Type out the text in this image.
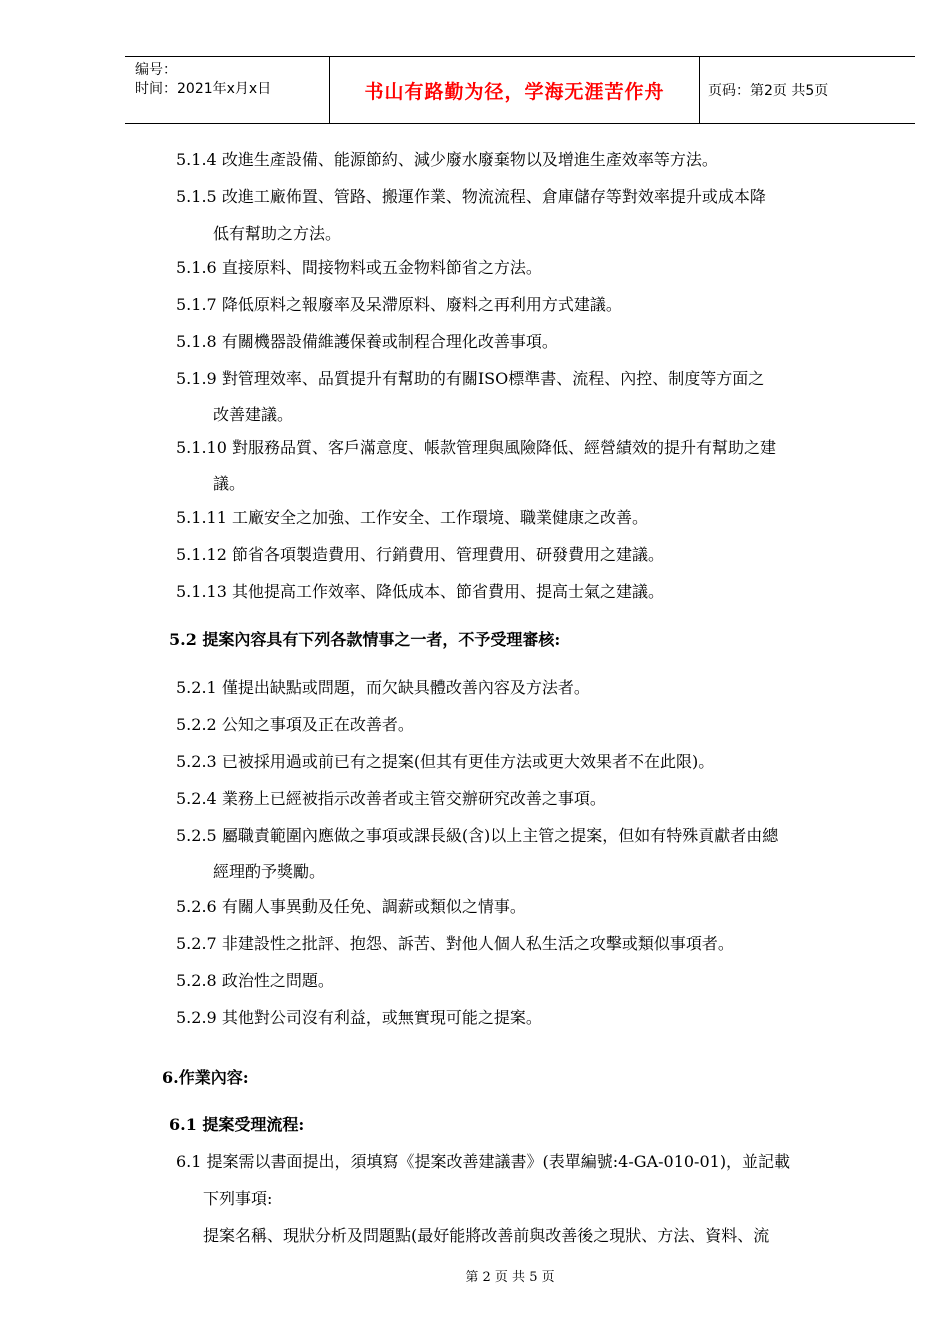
编号：
时间：2021年x月x日	书山有路勤为径，学海无涯苦作舟	页码：第2页 共5页
5.1.4 改進生產設備、能源節約、減少廢水廢棄物以及增進生產效率等方法。
5.1.5 改進工廠佈置、管路、搬運作業、物流流程、倉庫儲存等對效率提升或成本降
低有幫助之方法。
5.1.6 直接原料、間接物料或五金物料節省之方法。
5.1.7 降低原料之報廢率及呆滯原料、廢料之再利用方式建議。
5.1.8 有關機器設備維護保養或制程合理化改善事項。
5.1.9 對管理效率、品質提升有幫助的有關ISO標準書、流程、內控、制度等方面之
改善建議。
5.1.10 對服務品質、客戶滿意度、帳款管理與風險降低、經營績效的提升有幫助之建
議。
5.1.11 工廠安全之加強、工作安全、工作環境、職業健康之改善。
5.1.12 節省各項製造費用、行銷費用、管理費用、研發費用之建議。
5.1.13 其他提高工作效率、降低成本、節省費用、提高士氣之建議。
5.2 提案內容具有下列各款情事之一者，不予受理審核:
5.2.1 僅提出缺點或問題，而欠缺具體改善內容及方法者。
5.2.2 公知之事項及正在改善者。
5.2.3 已被採用過或前已有之提案(但其有更佳方法或更大效果者不在此限)。
5.2.4 業務上已經被指示改善者或主管交辦研究改善之事項。
5.2.5 屬職責範圍內應做之事項或課長級(含)以上主管之提案，但如有特殊貢獻者由總
經理酌予獎勵。
5.2.6 有關人事異動及任免、調薪或類似之情事。
5.2.7 非建設性之批評、抱怨、訴苦、對他人個人私生活之攻擊或類似事項者。
5.2.8 政治性之問題。
5.2.9 其他對公司沒有利益，或無實現可能之提案。
6.作業內容:
6.1 提案受理流程:
6.1 提案需以書面提出，須填寫《提案改善建議書》(表單編號:4-GA-010-01)，並記載
下列事項:
提案名稱、現狀分析及問題點(最好能將改善前與改善後之現狀、方法、資料、流
第 2 页 共 5 页
